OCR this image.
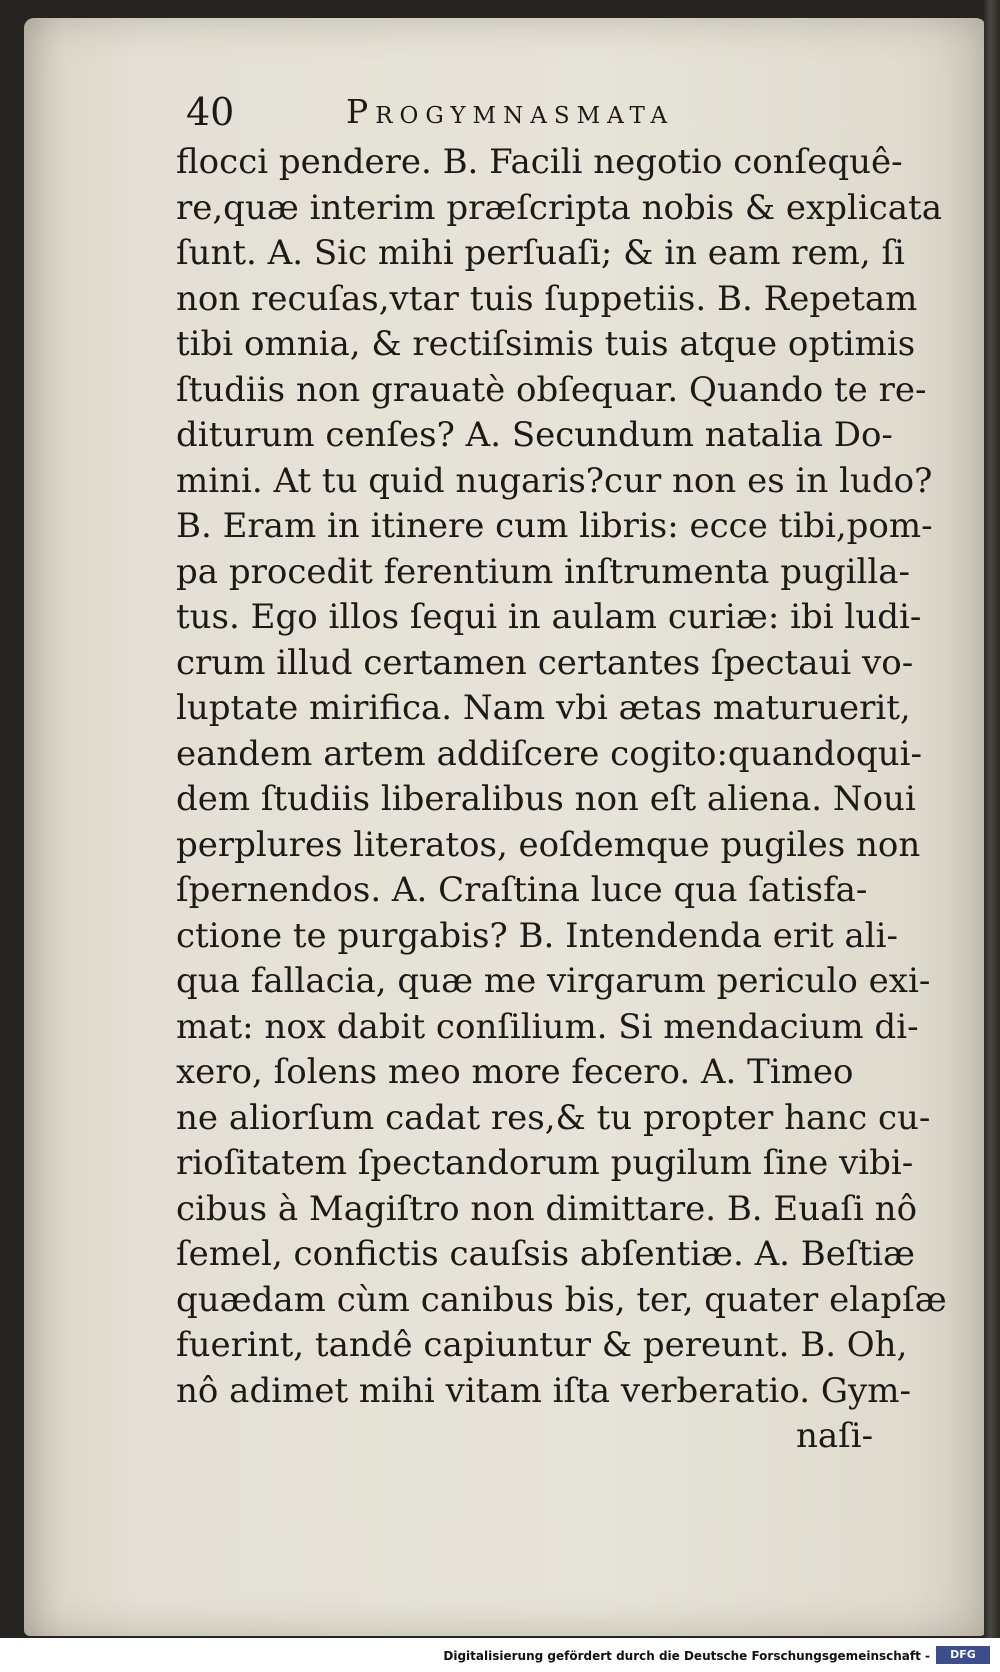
40	Progymnasmata
flocci pendere. B. Facili negotio conſequê-
re,quæ interim præſcripta nobis & explicata
ſunt. A. Sic mihi perſuaſi; & in eam rem, ſi
non recuſas,vtar tuis ſuppetiis. B. Repetam
tibi omnia, & rectiſsimis tuis atque optimis
ſtudiis non grauatè obſequar. Quando te re-
diturum cenſes? A. Secundum natalia Do-
mini. At tu quid nugaris?cur non es in ludo?
B. Eram in itinere cum libris: ecce tibi,pom-
pa procedit ferentium inſtrumenta pugilla-
tus. Ego illos ſequi in aulam curiæ: ibi ludi-
crum illud certamen certantes ſpectaui vo-
luptate mirifica. Nam vbi ætas maturuerit,
eandem artem addiſcere cogito:quandoqui-
dem ſtudiis liberalibus non eſt aliena. Noui
perplures literatos, eoſdemque pugiles non
ſpernendos. A. Craſtina luce qua ſatisfa-
ctione te purgabis? B. Intendenda erit ali-
qua fallacia, quæ me virgarum periculo exi-
mat: nox dabit conſilium. Si mendacium di-
xero, ſolens meo more fecero. A. Timeo
ne aliorſum cadat res,& tu propter hanc cu-
rioſitatem ſpectandorum pugilum ſine vibi-
cibus à Magiſtro non dimittare. B. Euaſi nô
ſemel, confictis cauſsis abſentiæ. A. Beſtiæ
quædam cùm canibus bis, ter, quater elapſæ
fuerint, tandê capiuntur & pereunt. B. Oh,
nô adimet mihi vitam iſta verberatio. Gym-
naſi-
Digitalisierung gefördert durch die Deutsche Forschungsgemeinschaft -	DFG
